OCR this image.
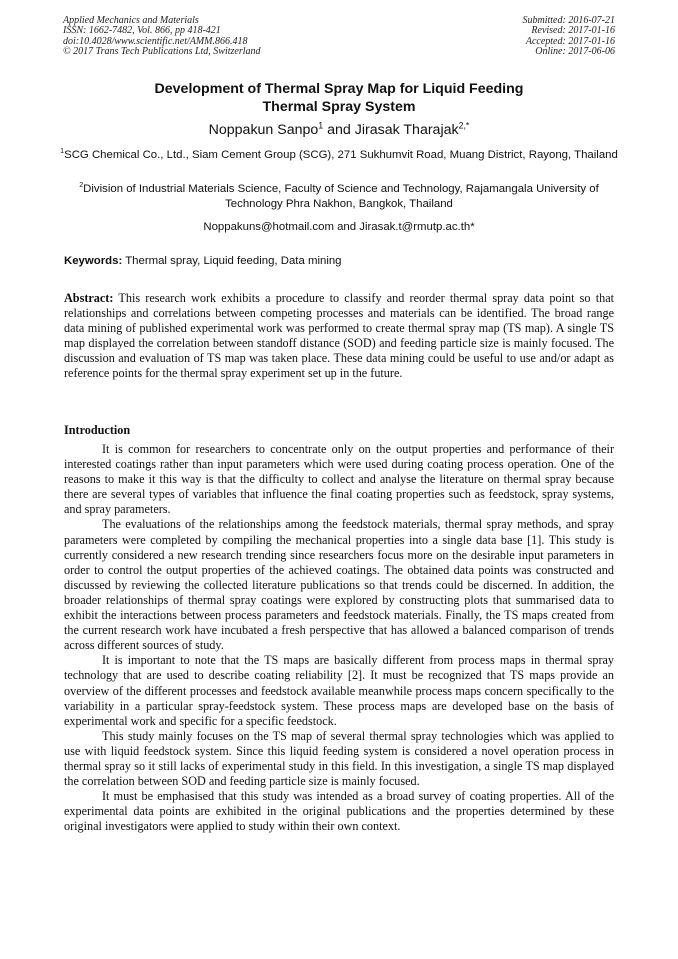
Applied Mechanics and Materials
ISSN: 1662-7482, Vol. 866, pp 418-421
doi:10.4028/www.scientific.net/AMM.866.418
© 2017 Trans Tech Publications Ltd, Switzerland
Submitted: 2016-07-21
Revised: 2017-01-16
Accepted: 2017-01-16
Online: 2017-06-06
Development of Thermal Spray Map for Liquid Feeding
Thermal Spray System
Noppakun Sanpo$^1$ and Jirasak Tharajak$^{2,*}$
$^1$SCG Chemical Co., Ltd., Siam Cement Group (SCG), 271 Sukhumvit Road, Muang District, Rayong, Thailand
$^2$Division of Industrial Materials Science, Faculty of Science and Technology, Rajamangala University of Technology Phra Nakhon, Bangkok, Thailand
Noppakuns@hotmail.com and Jirasak.t@rmutp.ac.th*
Keywords: Thermal spray, Liquid feeding, Data mining
Abstract: This research work exhibits a procedure to classify and reorder thermal spray data point so that relationships and correlations between competing processes and materials can be identified. The broad range data mining of published experimental work was performed to create thermal spray map (TS map). A single TS map displayed the correlation between standoff distance (SOD) and feeding particle size is mainly focused. The discussion and evaluation of TS map was taken place. These data mining could be useful to use and/or adapt as reference points for the thermal spray experiment set up in the future.
Introduction

It is common for researchers to concentrate only on the output properties and performance of their interested coatings rather than input parameters which were used during coating process operation. One of the reasons to make it this way is that the difficulty to collect and analyse the literature on thermal spray because there are several types of variables that influence the final coating properties such as feedstock, spray systems, and spray parameters.

The evaluations of the relationships among the feedstock materials, thermal spray methods, and spray parameters were completed by compiling the mechanical properties into a single data base [1]. This study is currently considered a new research trending since researchers focus more on the desirable input parameters in order to control the output properties of the achieved coatings. The obtained data points was constructed and discussed by reviewing the collected literature publications so that trends could be discerned. In addition, the broader relationships of thermal spray coatings were explored by constructing plots that summarised data to exhibit the interactions between process parameters and feedstock materials. Finally, the TS maps created from the current research work have incubated a fresh perspective that has allowed a balanced comparison of trends across different sources of study.

It is important to note that the TS maps are basically different from process maps in thermal spray technology that are used to describe coating reliability [2]. It must be recognized that TS maps provide an overview of the different processes and feedstock available meanwhile process maps concern specifically to the variability in a particular spray-feedstock system. These process maps are developed base on the basis of experimental work and specific for a specific feedstock.

This study mainly focuses on the TS map of several thermal spray technologies which was applied to use with liquid feedstock system. Since this liquid feeding system is considered a novel operation process in thermal spray so it still lacks of experimental study in this field. In this investigation, a single TS map displayed the correlation between SOD and feeding particle size is mainly focused.

It must be emphasised that this study was intended as a broad survey of coating properties. All of the experimental data points are exhibited in the original publications and the properties determined by these original investigators were applied to study within their own context.
